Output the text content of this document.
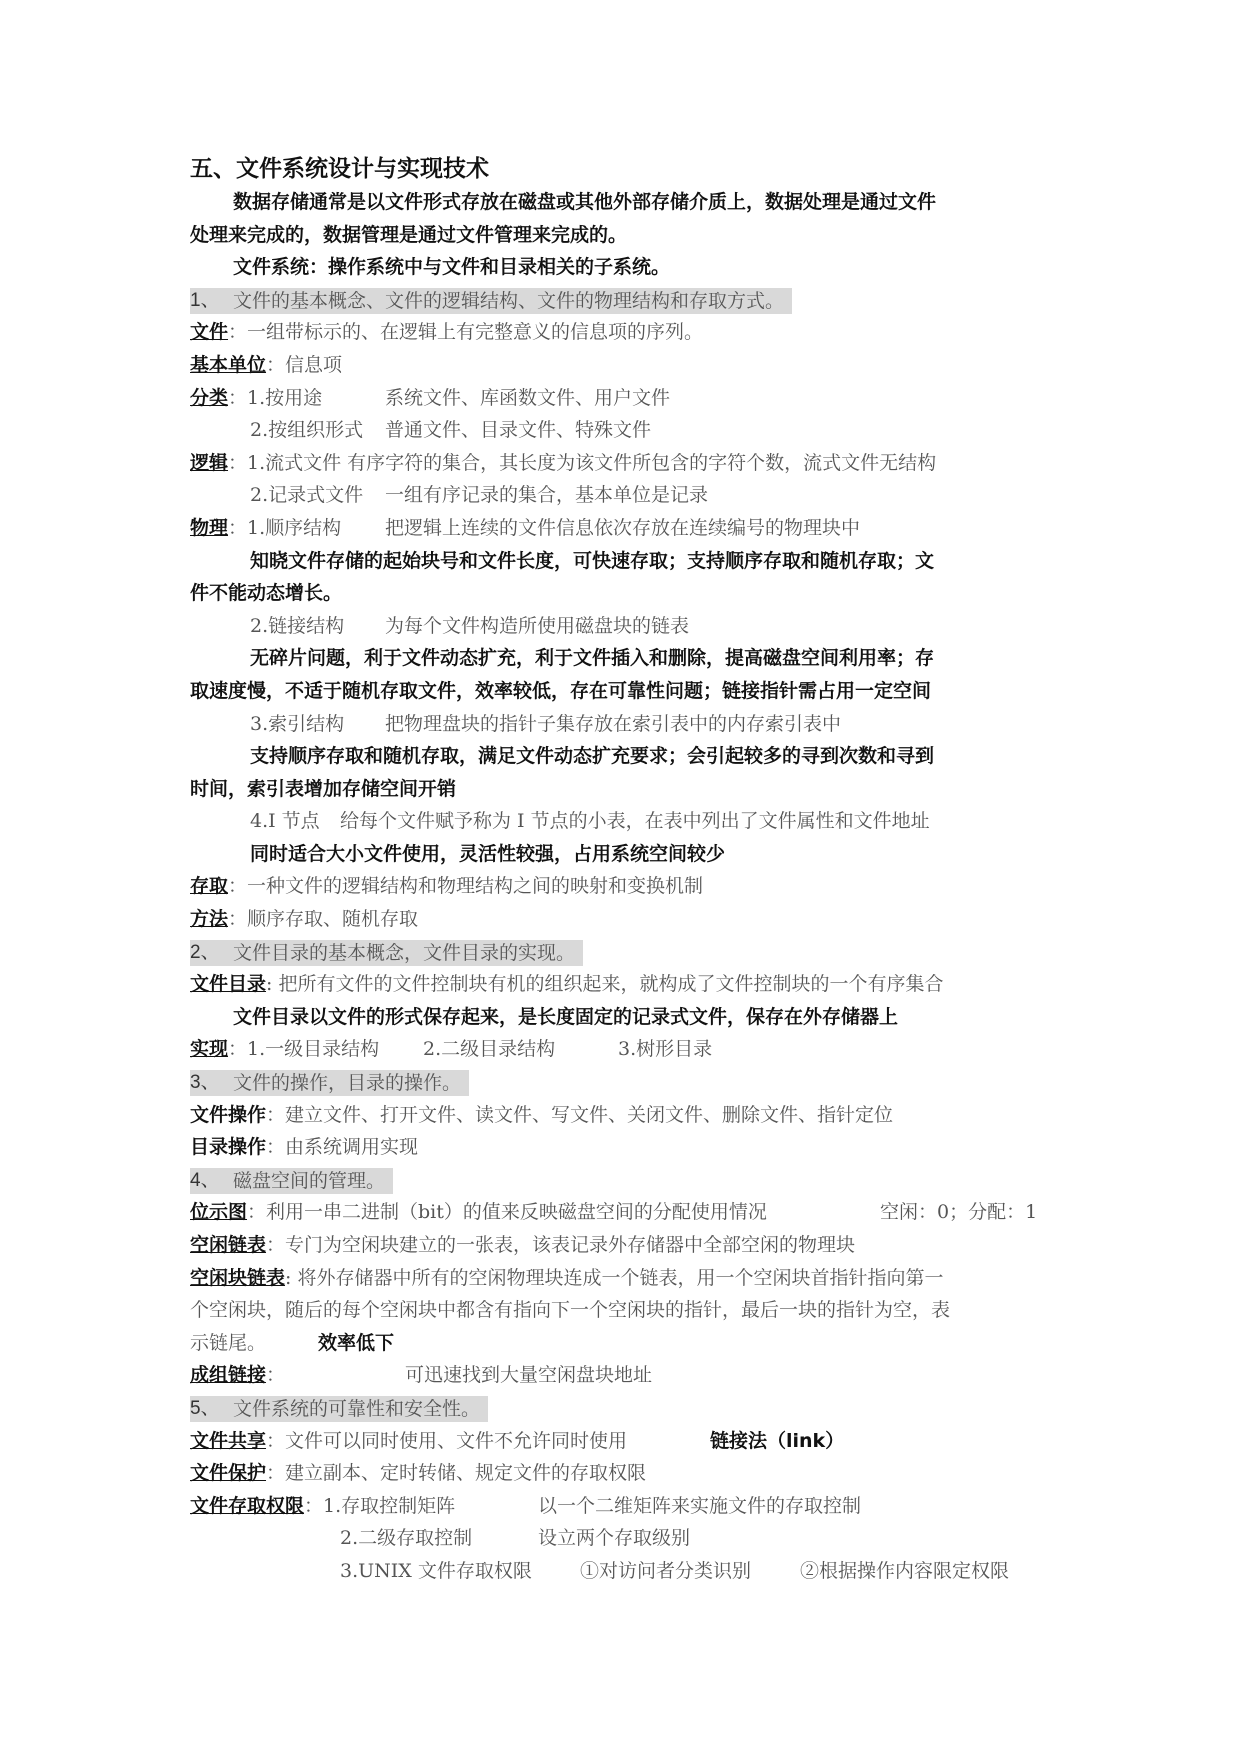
五、文件系统设计与实现技术
数据存储通常是以文件形式存放在磁盘或其他外部存储介质上，数据处理是通过文件
处理来完成的，数据管理是通过文件管理来完成的。
文件系统：操作系统中与文件和目录相关的子系统。
1、 文件的基本概念、文件的逻辑结构、文件的物理结构和存取方式。
文件：一组带标示的、在逻辑上有完整意义的信息项的序列。
基本单位：信息项
分类：1.按用途	系统文件、库函数文件、用户文件
2.按组织形式 普通文件、目录文件、特殊文件
逻辑：1.流式文件 有序字符的集合，其长度为该文件所包含的字符个数，流式文件无结构
2.记录式文件 一组有序记录的集合，基本单位是记录
物理：1.顺序结构 把逻辑上连续的文件信息依次存放在连续编号的物理块中
知晓文件存储的起始块号和文件长度，可快速存取；支持顺序存取和随机存取；文
件不能动态增长。
2.链接结构 为每个文件构造所使用磁盘块的链表
无碎片问题，利于文件动态扩充，利于文件插入和删除，提高磁盘空间利用率；存
取速度慢，不适于随机存取文件，效率较低，存在可靠性问题；链接指针需占用一定空间
3.索引结构 把物理盘块的指针子集存放在索引表中的内存索引表中
支持顺序存取和随机存取，满足文件动态扩充要求；会引起较多的寻到次数和寻到
时间，索引表增加存储空间开销
4.I 节点 给每个文件赋予称为 I 节点的小表，在表中列出了文件属性和文件地址
同时适合大小文件使用，灵活性较强，占用系统空间较少
存取：一种文件的逻辑结构和物理结构之间的映射和变换机制
方法：顺序存取、随机存取
2、 文件目录的基本概念，文件目录的实现。
文件目录: 把所有文件的文件控制块有机的组织起来，就构成了文件控制块的一个有序集合
文件目录以文件的形式保存起来，是长度固定的记录式文件，保存在外存储器上
实现：1.一级目录结构 2.二级目录结构	3.树形目录
3、 文件的操作，目录的操作。
文件操作：建立文件、打开文件、读文件、写文件、关闭文件、删除文件、指针定位
目录操作：由系统调用实现
4、 磁盘空间的管理。
位示图：利用一串二进制（bit）的值来反映磁盘空间的分配使用情况	空闲：0；分配：1
空闲链表：专门为空闲块建立的一张表，该表记录外存储器中全部空闲的物理块
空闲块链表: 将外存储器中所有的空闲物理块连成一个链表，用一个空闲块首指针指向第一
个空闲块，随后的每个空闲块中都含有指向下一个空闲块的指针，最后一块的指针为空，表
示链尾。	效率低下
成组链接：	可迅速找到大量空闲盘块地址
5、 文件系统的可靠性和安全性。
文件共享：文件可以同时使用、文件不允许同时使用	链接法（link）
文件保护：建立副本、定时转储、规定文件的存取权限
文件存取权限：1.存取控制矩阵	以一个二维矩阵来实施文件的存取控制
2.二级存取控制	设立两个存取级别
3.UNIX 文件存取权限	①对访问者分类识别	②根据操作内容限定权限
